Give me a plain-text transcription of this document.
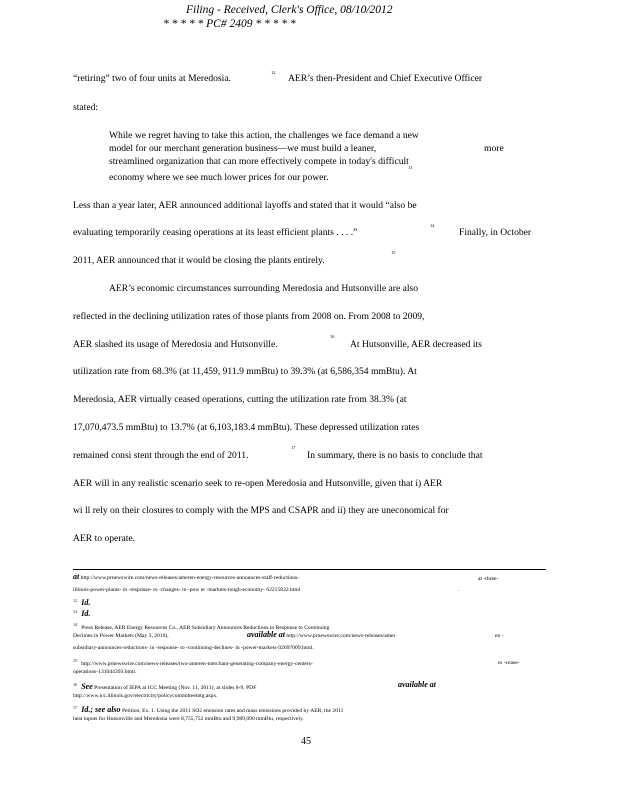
Filing - Received, Clerk's Office, 08/10/2012
* * * * * PC# 2409 * * * * *
“retiring” two of four units at Meredosia.
$^{12}$
AER’s then-President and Chief Executive Officer
stated:
While we regret having to take this action, the challenges we face demand a new
model for our merchant generation business—we must build a leaner,	more
streamlined organization that can more effectively compete in today's difficult
economy where we see much lower prices for our power.
$^{13}$
Less than a year later, AER announced additional layoffs and stated that it would “also be
evaluating temporarily ceasing operations at its least efficient plants . . . .”
$^{14}$
Finally, in October
2011, AER announced that it would be closing the plants entirely.
$^{15}$
AER’s economic circumstances surrounding Meredosia and Hutsonville are also
reflected in the declining utilization rates of those plants from 2008 on. From 2008 to 2009,
AER slashed its usage of Meredosia and Hutsonville.
$^{16}$
At Hutsonville, AER decreased its
utilization rate from 68.3% (at 11,459, 911.9 mmBtu) to 39.3% (at 6,586,354 mmBtu). At
Meredosia, AER virtually ceased operations, cutting the utilization rate from 38.3% (at
17,070,473.5 mmBtu) to 13.7% (at 6,103,183.4 mmBtu). These depressed utilization rates
remained consi stent through the end of 2011.
$^{17}$
In summary, there is no basis to conclude that
AER will in any realistic scenario seek to re-open Meredosia and Hutsonville, given that i) AER
wi ll rely on their closures to comply with the MPS and CSAPR and ii) they are uneconomical for
AER to operate.
at http://www.prnewswire.com/news-releases/ameren-energy-resources-announces-staff-reductions-	at -three-
illinois-power-plants- in -response- to -changes- in -pow er -markets-tough-economy- 62215822.html	.
$^{12}$ Id.
$^{13}$ Id.
$^{14}$   Press Release, AER Energy Resources Co., AER Subsidiary Announces Reductions in Response to Continuing
Declines in Power Markets (May 3, 2010),	available at http://www.prnewswire.com/news-releases/amer	en -
subsidiary-announces-reductions- in -response- to -continuing-declines- in -power-markets-92697009.html.
$^{15}$   http://www.prnewswire.com/news-releases/two-ameren-merchant-generating-company-energy-centers-	to -cease-
operations-131044393.html.
$^{16}$ See Presentation of IEPA at ICC Meeting (Nov. 11, 2011), at slides 8-9, PDF	available at
http://www.icc.illinois.gov/electricity/policycommitteemtg.aspx.
$^{17}$ Id.; see also Petition, Ex. 1. Using the 2011 SO2 emission rates and mass emissions provided by AER, the 2011
heat inputs for Hutsonville and Meredosia were 8,755,752 mmBtu and 9,989,090 mmBtu, respectively.
45
